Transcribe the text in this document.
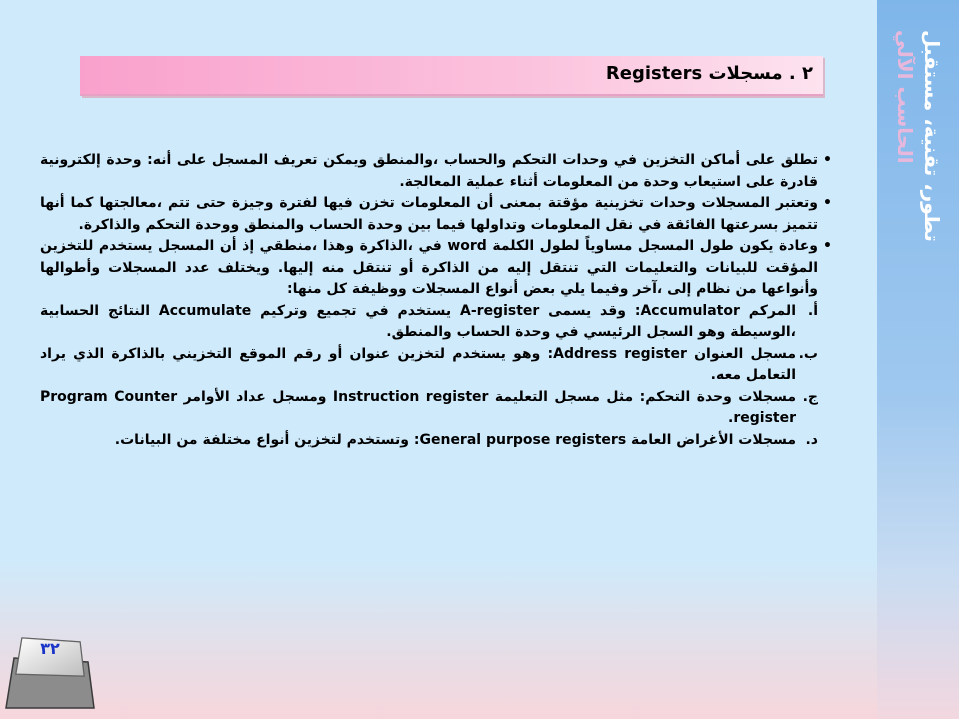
تطور، تقنية، مستقبل
الحاسب الآلي
٢ . مسجلات Registers
• تطلق على أماكن التخزين في وحدات التحكم والحساب ،والمنطق ويمكن تعريف المسجل على أنه: وحدة إلكترونية قادرة على استيعاب وحدة من المعلومات أثناء عملية المعالجة.
• وتعتبر المسجلات وحدات تخزينية مؤقتة بمعنى أن المعلومات تخزن فيها لفترة وجيزة حتى تتم ،معالجتها كما أنها تتميز بسرعتها الفائقة في نقل المعلومات وتداولها فيما بين وحدة الحساب والمنطق ووحدة التحكم والذاكرة.
• وعادة يكون طول المسجل مساوياً لطول الكلمة word في ،الذاكرة وهذا ،منطقي إذ أن المسجل يستخدم للتخزين المؤقت للبيانات والتعليمات التي تنتقل إليه من الذاكرة أو تنتقل منه إليها. ويختلف عدد المسجلات وأطوالها وأنواعها من نظام إلى ،آخر وفيما يلي بعض أنواع المسجلات ووظيفة كل منها:
أ.
المركم Accumulator: وقد يسمى A-register يستخدم في تجميع وتركيم Accumulate النتائج الحسابية ،الوسيطة وهو السجل الرئيسي في وحدة الحساب والمنطق.
ب.
مسجل العنوان Address register: وهو يستخدم لتخزين عنوان أو رقم الموقع التخزيني بالذاكرة الذي يراد التعامل معه.
ج.
مسجلات وحدة التحكم: مثل مسجل التعليمة Instruction register ومسجل عداد الأوامر Program Counter register.
د.
مسجلات الأغراض العامة General purpose registers: وتستخدم لتخزين أنواع مختلفة من البيانات.
٣٢
